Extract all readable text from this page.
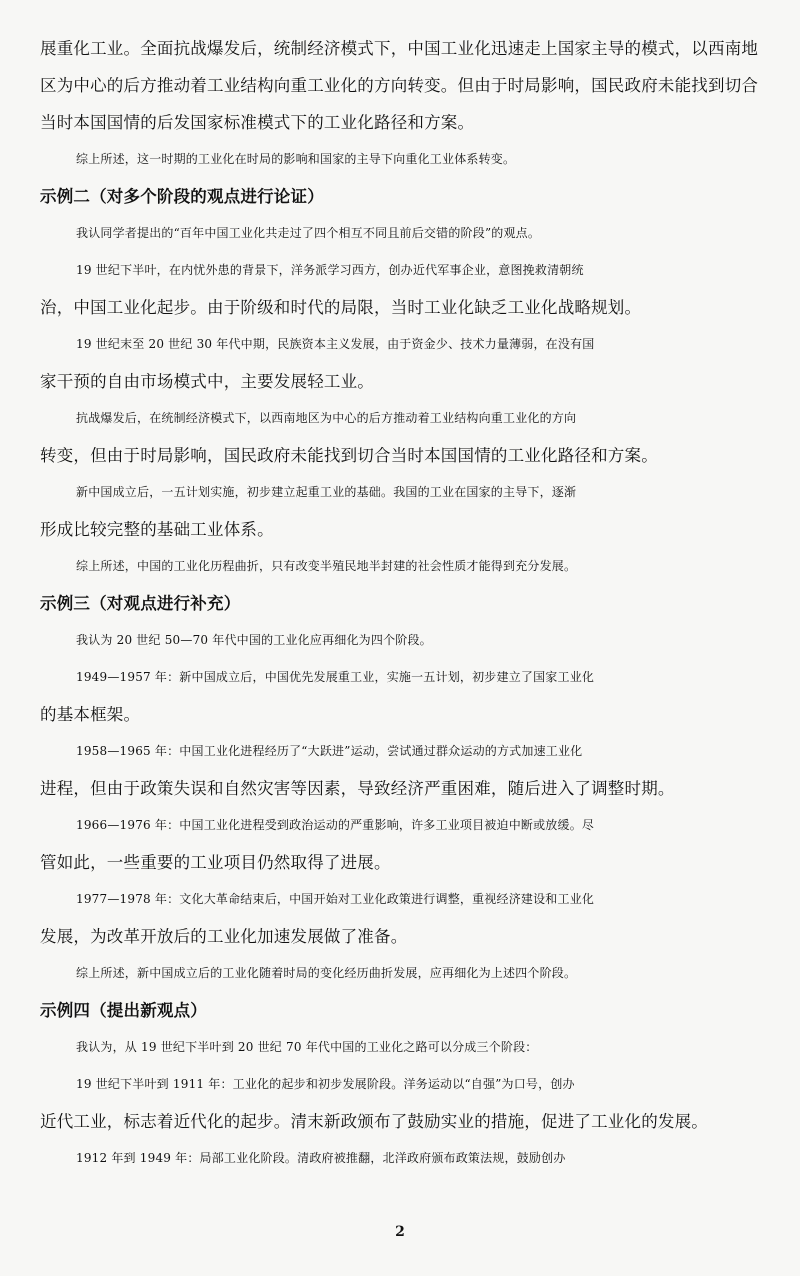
展重化工业。全面抗战爆发后，统制经济模式下，中国工业化迅速走上国家主导的模式，以西南地

区为中心的后方推动着工业结构向重工业化的方向转变。但由于时局影响，国民政府未能找到切合

当时本国国情的后发国家标准模式下的工业化路径和方案。

综上所述，这一时期的工业化在时局的影响和国家的主导下向重化工业体系转变。

示例二（对多个阶段的观点进行论证）

我认同学者提出的“百年中国工业化共走过了四个相互不同且前后交错的阶段”的观点。

19 世纪下半叶，在内忧外患的背景下，洋务派学习西方，创办近代军事企业，意图挽救清朝统

治，中国工业化起步。由于阶级和时代的局限，当时工业化缺乏工业化战略规划。

19 世纪末至 20 世纪 30 年代中期，民族资本主义发展，由于资金少、技术力量薄弱，在没有国

家干预的自由市场模式中，主要发展轻工业。

抗战爆发后，在统制经济模式下，以西南地区为中心的后方推动着工业结构向重工业化的方向

转变，但由于时局影响，国民政府未能找到切合当时本国国情的工业化路径和方案。

新中国成立后，一五计划实施，初步建立起重工业的基础。我国的工业在国家的主导下，逐渐

形成比较完整的基础工业体系。

综上所述，中国的工业化历程曲折，只有改变半殖民地半封建的社会性质才能得到充分发展。

示例三（对观点进行补充）

我认为 20 世纪 50—70 年代中国的工业化应再细化为四个阶段。

1949—1957 年：新中国成立后，中国优先发展重工业，实施一五计划，初步建立了国家工业化

的基本框架。

1958—1965 年：中国工业化进程经历了“大跃进”运动，尝试通过群众运动的方式加速工业化

进程，但由于政策失误和自然灾害等因素，导致经济严重困难，随后进入了调整时期。

1966—1976 年：中国工业化进程受到政治运动的严重影响，许多工业项目被迫中断或放缓。尽

管如此，一些重要的工业项目仍然取得了进展。

1977—1978 年：文化大革命结束后，中国开始对工业化政策进行调整，重视经济建设和工业化

发展，为改革开放后的工业化加速发展做了准备。

综上所述，新中国成立后的工业化随着时局的变化经历曲折发展，应再细化为上述四个阶段。

示例四（提出新观点）

我认为，从 19 世纪下半叶到 20 世纪 70 年代中国的工业化之路可以分成三个阶段：

19 世纪下半叶到 1911 年：工业化的起步和初步发展阶段。洋务运动以“自强”为口号，创办

近代工业，标志着近代化的起步。清末新政颁布了鼓励实业的措施，促进了工业化的发展。

1912 年到 1949 年：局部工业化阶段。清政府被推翻，北洋政府颁布政策法规，鼓励创办

2
